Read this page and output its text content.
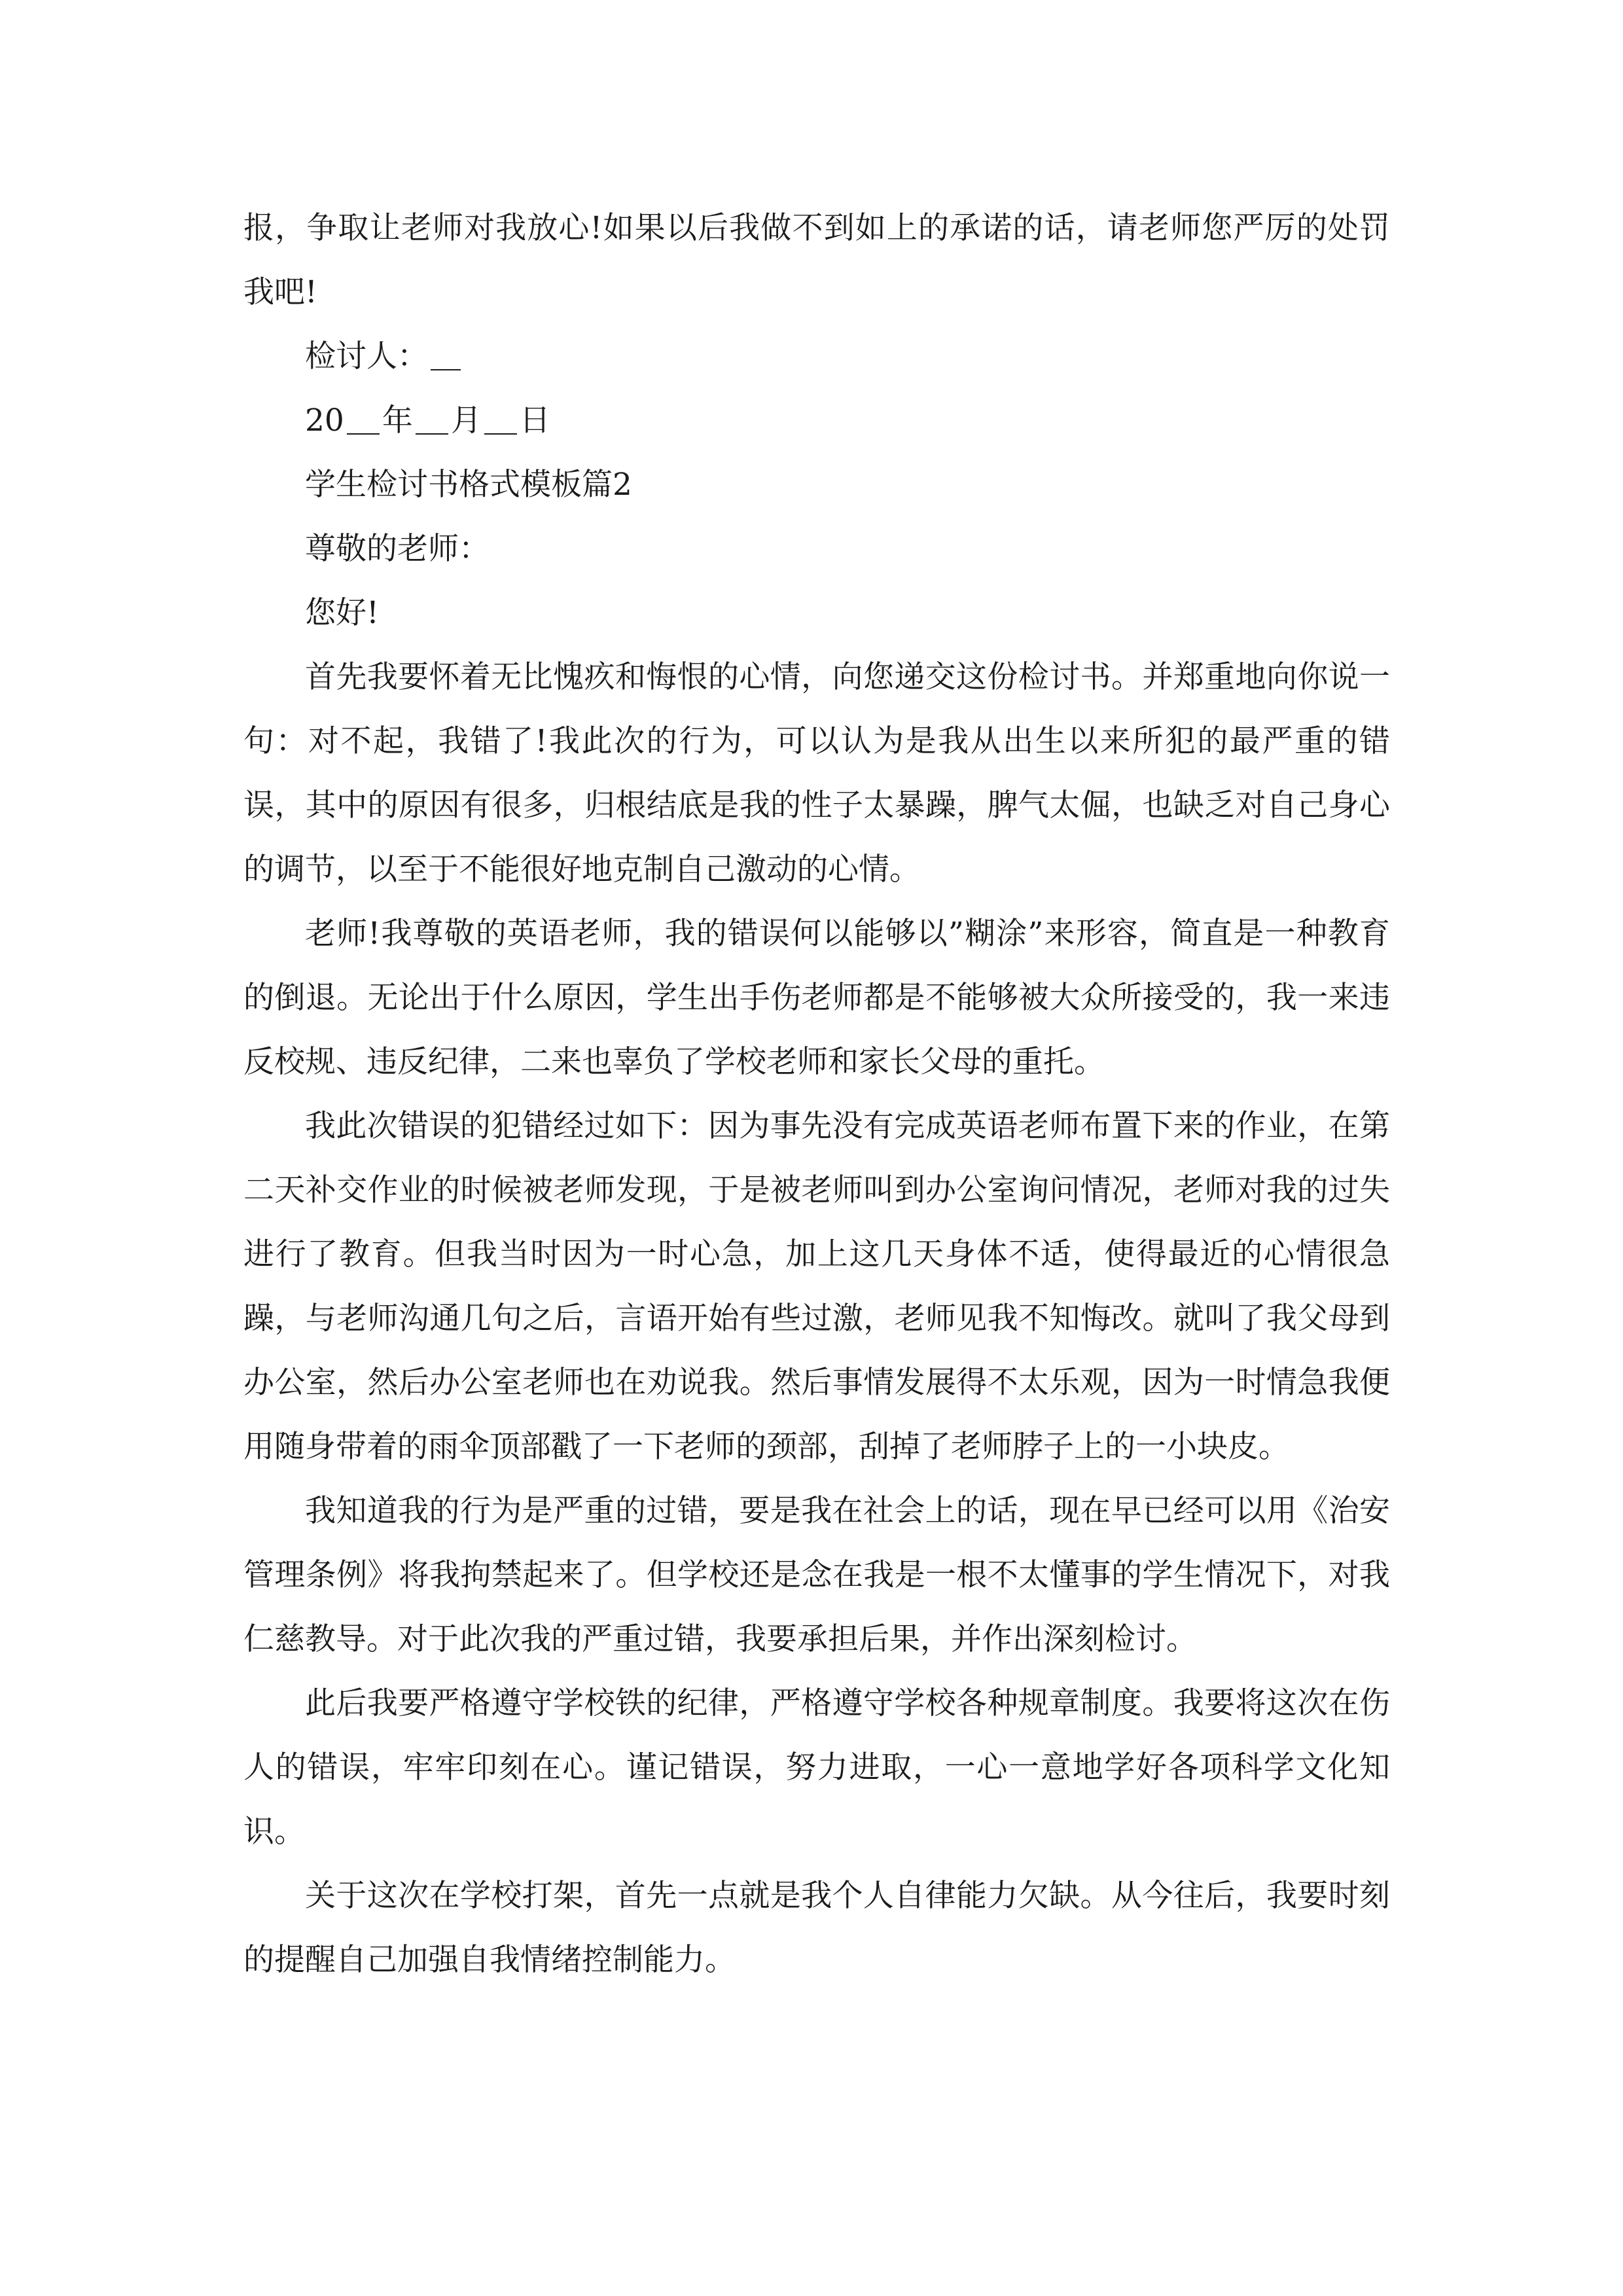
报，争取让老师对我放心!如果以后我做不到如上的承诺的话，请老师您严厉的处罚我吧!

检讨人：

20 年 月 日

学生检讨书格式模板篇2

尊敬的老师：

您好!

首先我要怀着无比愧疚和悔恨的心情，向您递交这份检讨书。并郑重地向你说一句：对不起，我错了!我此次的行为，可以认为是我从出生以来所犯的最严重的错误，其中的原因有很多，归根结底是我的性子太暴躁，脾气太倔，也缺乏对自己身心的调节，以至于不能很好地克制自己激动的心情。

老师!我尊敬的英语老师，我的错误何以能够以”糊涂”来形容，简直是一种教育的倒退。无论出于什么原因，学生出手伤老师都是不能够被大众所接受的，我一来违反校规、违反纪律，二来也辜负了学校老师和家长父母的重托。

我此次错误的犯错经过如下：因为事先没有完成英语老师布置下来的作业，在第二天补交作业的时候被老师发现，于是被老师叫到办公室询问情况，老师对我的过失进行了教育。但我当时因为一时心急，加上这几天身体不适，使得最近的心情很急躁，与老师沟通几句之后，言语开始有些过激，老师见我不知悔改。就叫了我父母到办公室，然后办公室老师也在劝说我。然后事情发展得不太乐观，因为一时情急我便用随身带着的雨伞顶部戳了一下老师的颈部，刮掉了老师脖子上的一小块皮。

我知道我的行为是严重的过错，要是我在社会上的话，现在早已经可以用《治安管理条例》将我拘禁起来了。但学校还是念在我是一根不太懂事的学生情况下，对我仁慈教导。对于此次我的严重过错，我要承担后果，并作出深刻检讨。

此后我要严格遵守学校铁的纪律，严格遵守学校各种规章制度。我要将这次在伤人的错误，牢牢印刻在心。谨记错误，努力进取，一心一意地学好各项科学文化知识。

关于这次在学校打架，首先一点就是我个人自律能力欠缺。从今往后，我要时刻的提醒自己加强自我情绪控制能力。
